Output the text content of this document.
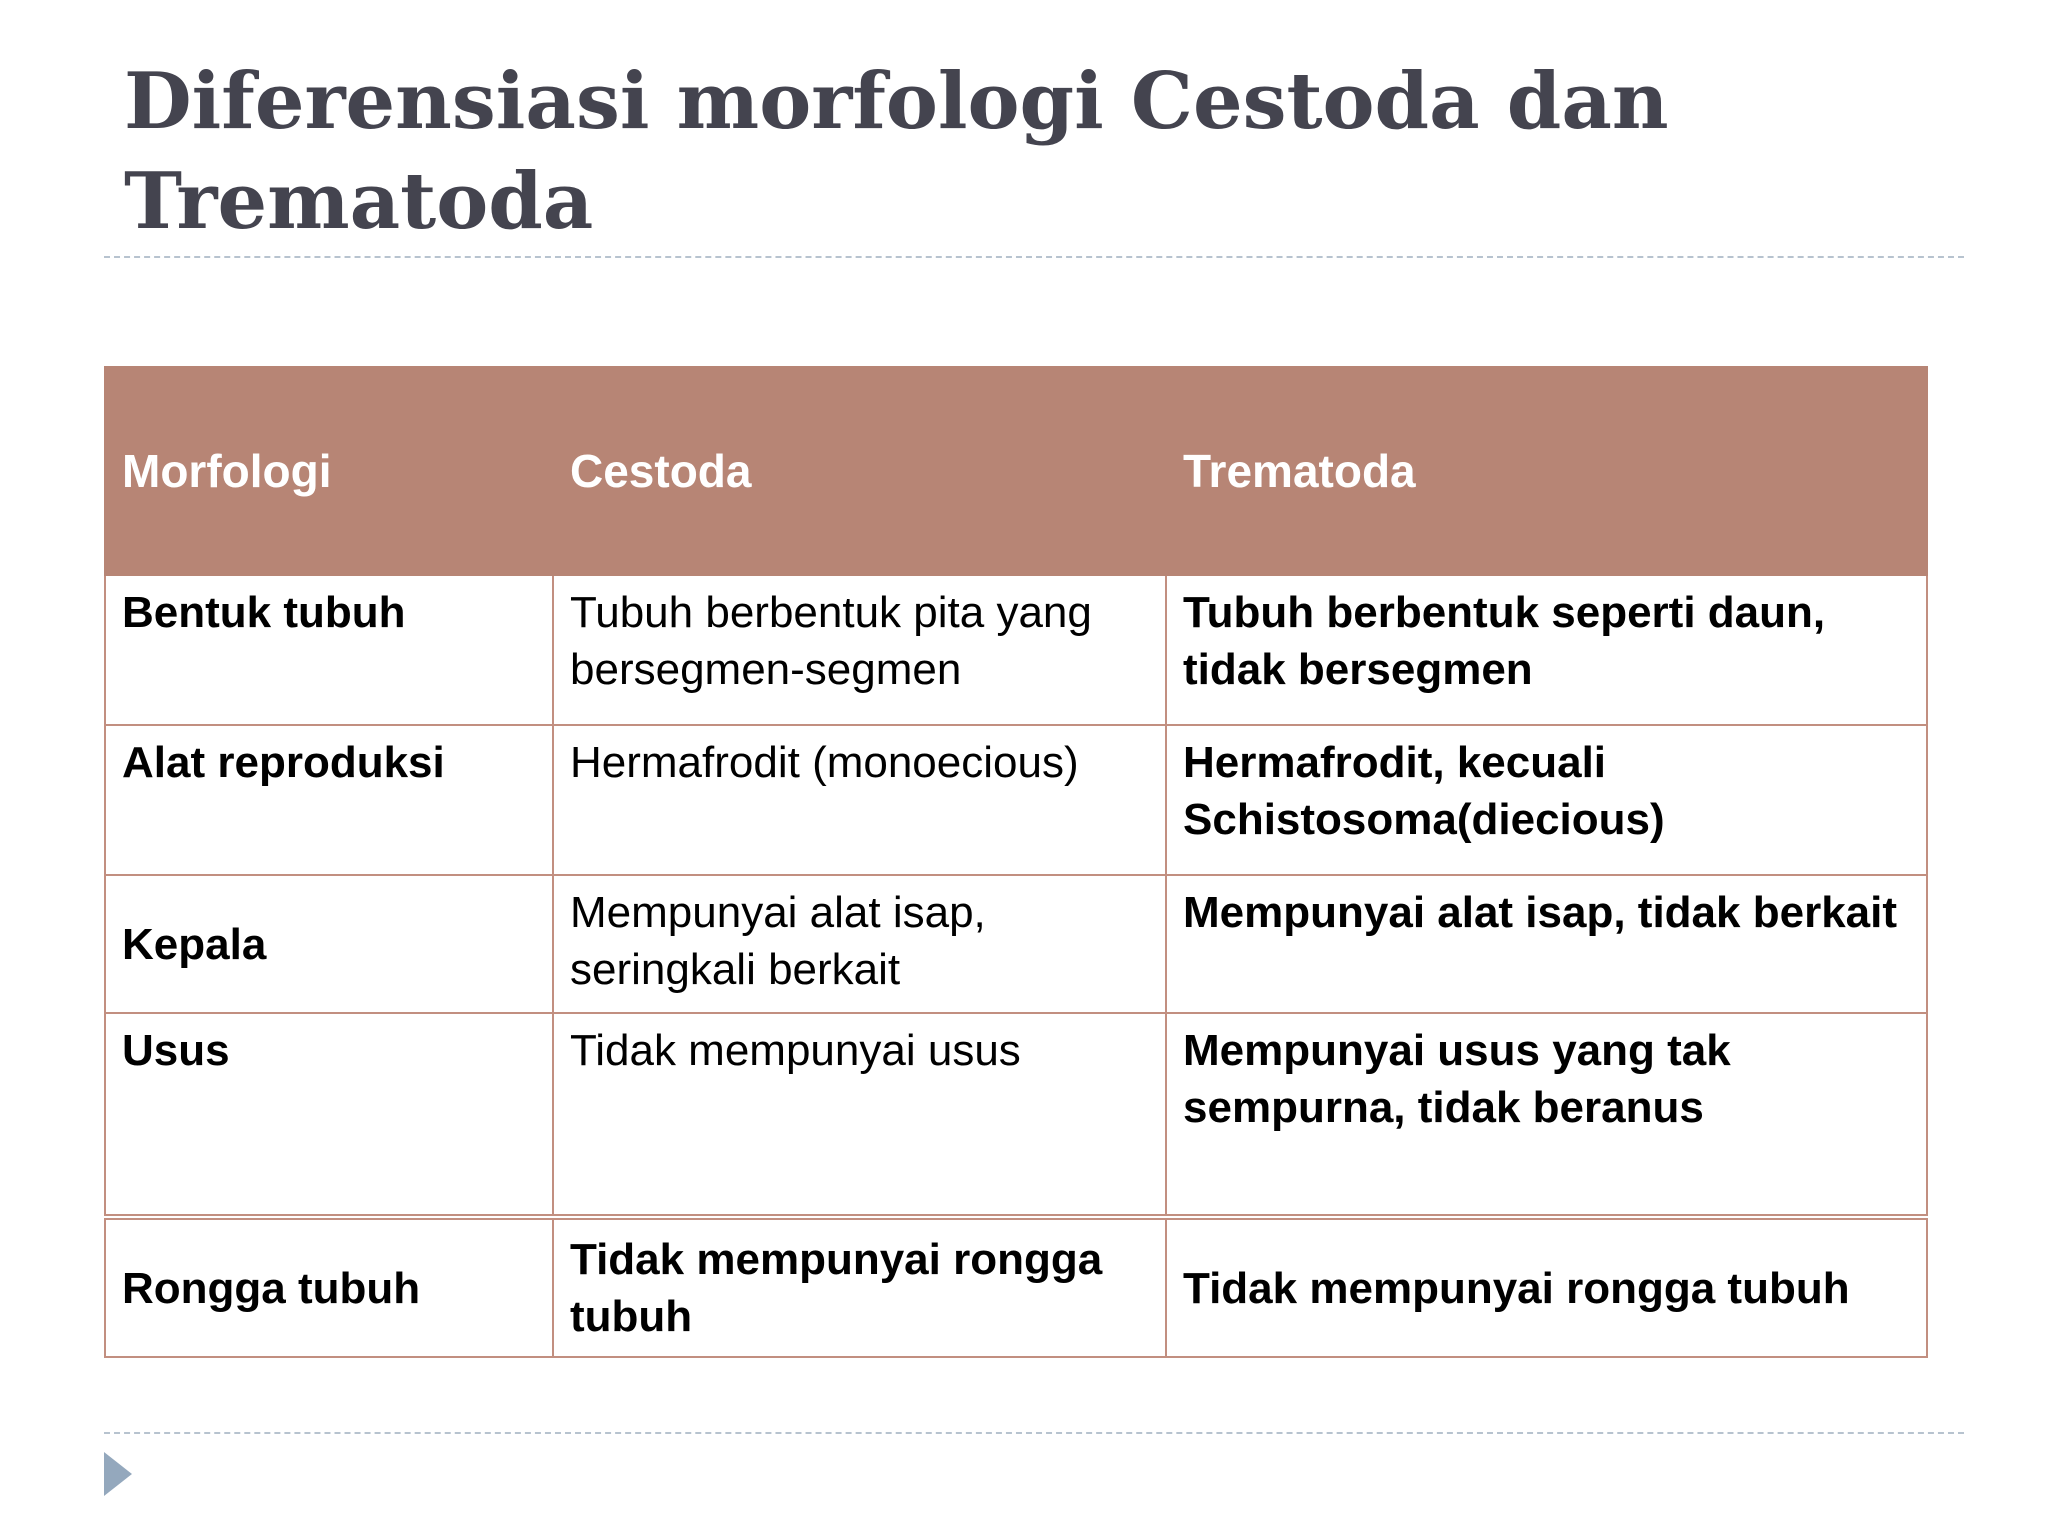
Diferensiasi morfologi Cestoda dan Trematoda
Morfologi	Cestoda	Trematoda
Bentuk tubuh	Tubuh berbentuk pita yang bersegmen-segmen	Tubuh berbentuk seperti daun, tidak bersegmen
Alat reproduksi	Hermafrodit (monoecious)	Hermafrodit, kecuali Schistosoma(diecious)
Kepala	Mempunyai alat isap, seringkali berkait	Mempunyai alat isap, tidak berkait
Usus	Tidak mempunyai usus	Mempunyai usus yang tak sempurna, tidak beranus
Rongga tubuh	Tidak mempunyai rongga tubuh	Tidak mempunyai rongga tubuh
